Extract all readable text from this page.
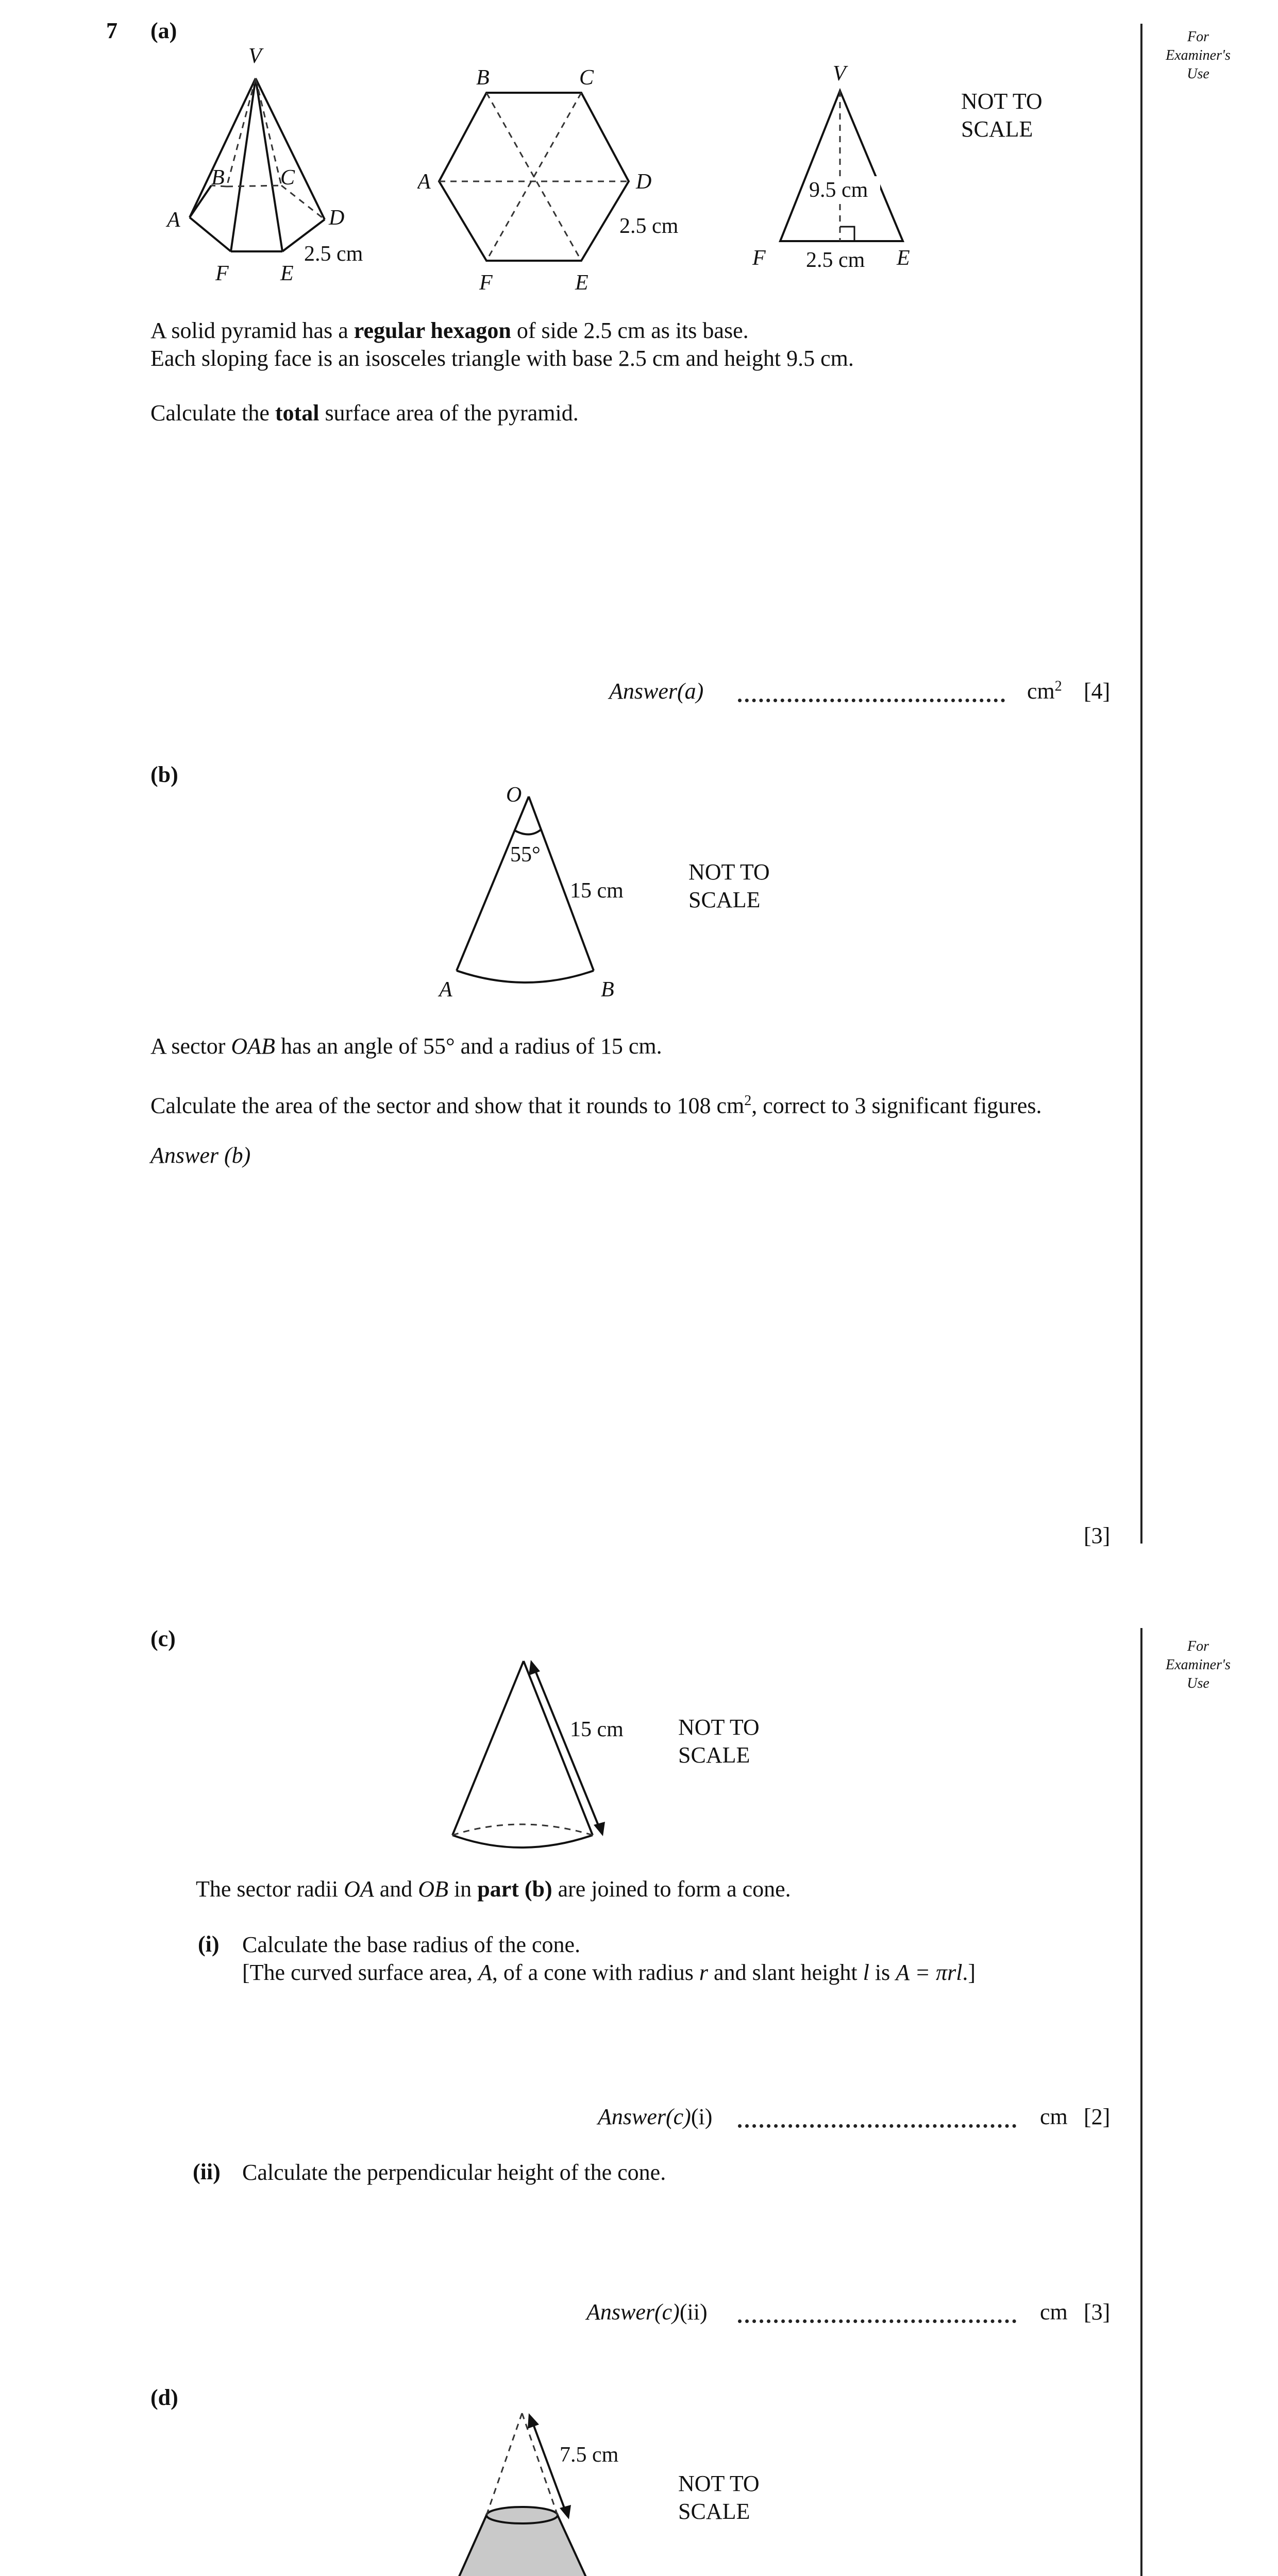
For
Examiner's
Use
7 (a)
V
B	C
A	D
F E
2.5 cm
B	C
A	D
F	E
2.5 cm
V
F	E
9.5 cm
2.5 cm
NOT TO
SCALE
A solid pyramid has a regular hexagon of side 2.5 cm as its base.
Each sloping face is an isosceles triangle with base 2.5 cm and height 9.5 cm.
Calculate the total surface area of the pyramid.
Answer(a)	$cm^2$ [4]
(b)
O
A	B
55°
15 cm
NOT TO
SCALE
A sector OAB has an angle of 55° and a radius of 15 cm.
Calculate the area of the sector and show that it rounds to 108 $cm^2$, correct to 3 significant figures.
Answer (b)
[3]
For
Examiner's
Use
(c)
15 cm NOT TO
SCALE
The sector radii OA and OB in part (b) are joined to form a cone.
(i) Calculate the base radius of the cone.
[The curved surface area, A, of a cone with radius r and slant height l is A = πrl.]
Answer(c)(i)	cm [2]
(ii) Calculate the perpendicular height of the cone.
Answer(c)(ii)	cm [3]
(d)
7.5 cm
NOT TO
SCALE
